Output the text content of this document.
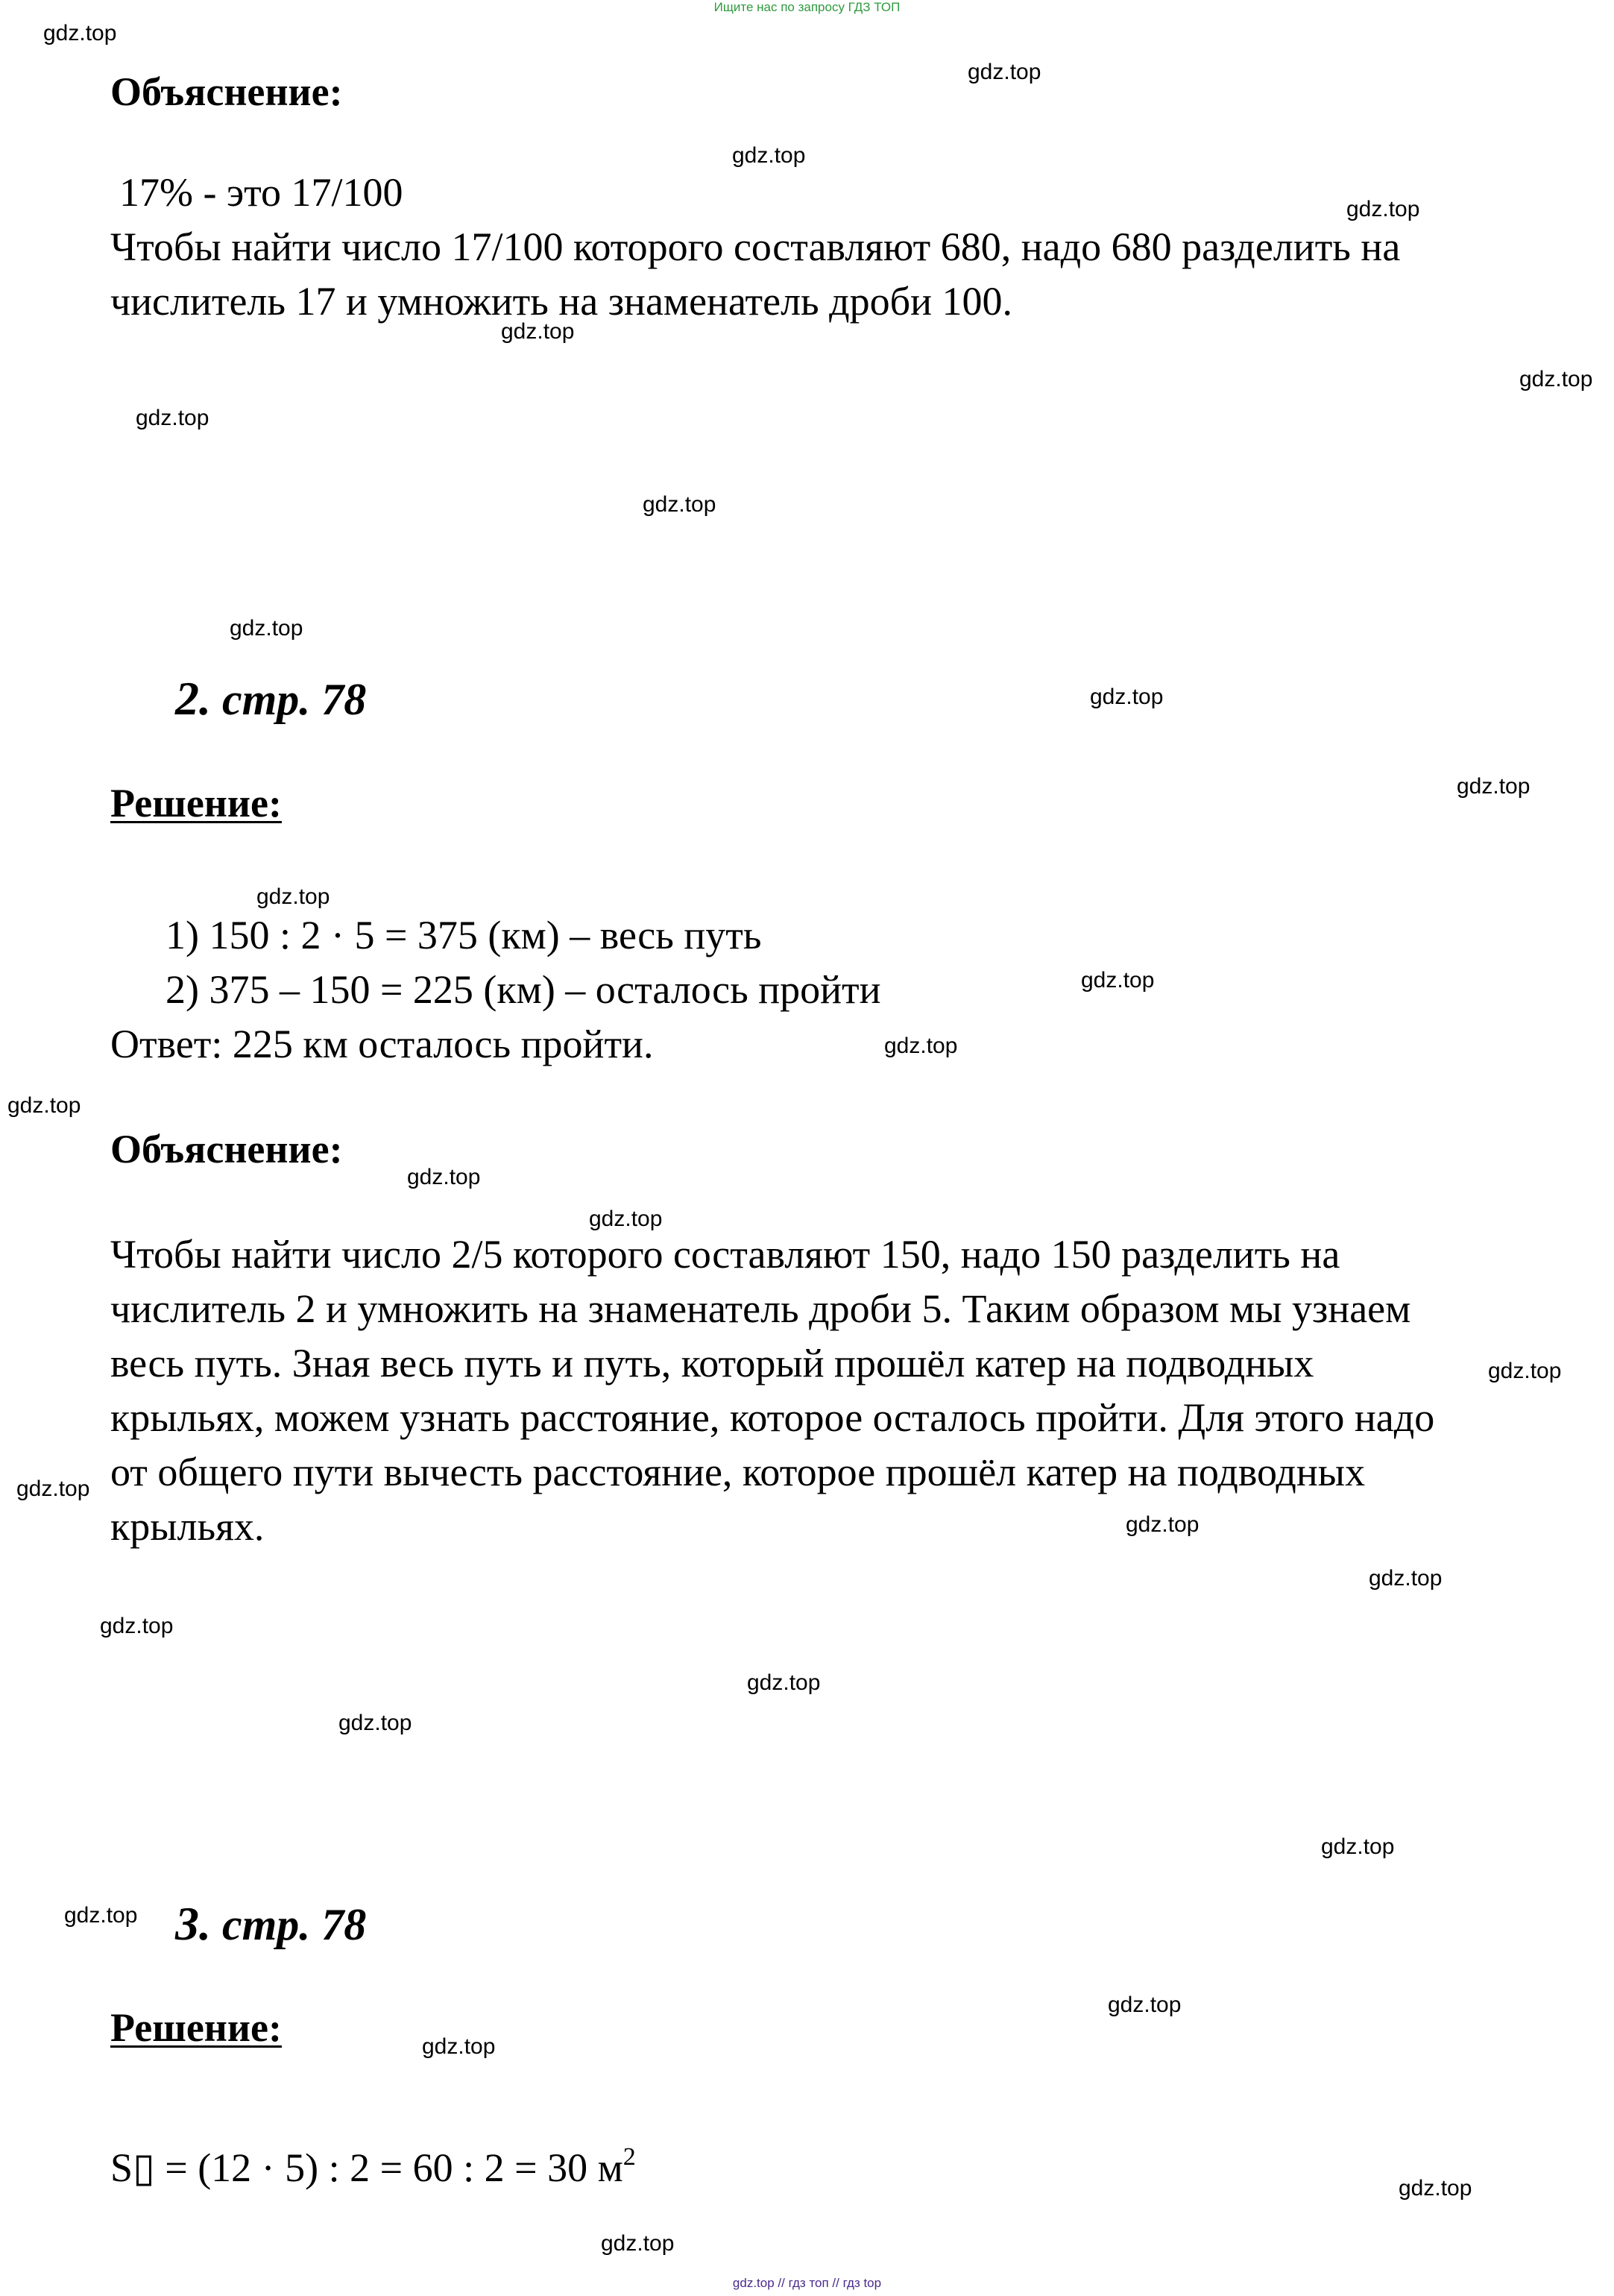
Ищите нас по запросу ГДЗ ТОП
Объяснение:
17% - это 17/100
Чтобы найти число 17/100 которого составляют 680, надо 680 разделить на
числитель 17 и умножить на знаменатель дроби 100.
2. стр. 78
Решение:
1) 150 : 2 · 5 = 375 (км) – весь путь
2) 375 – 150 = 225 (км) – осталось пройти
Ответ: 225 км осталось пройти.
Объяснение:
Чтобы найти число 2/5 которого составляют 150, надо 150 разделить на
числитель 2 и умножить на знаменатель дроби 5. Таким образом мы узнаем
весь путь. Зная весь путь и путь, который прошёл катер на подводных
крыльях, можем узнать расстояние, которое осталось пройти. Для этого надо
от общего пути вычесть расстояние, которое прошёл катер на подводных
крыльях.
3. стр. 78
Решение:
S▯ = (12 · 5) : 2 = 60 : 2 = 30 $м^2$
gdz.top
gdz.top
gdz.top
gdz.top
gdz.top
gdz.top
gdz.top
gdz.top
gdz.top
gdz.top
gdz.top
gdz.top
gdz.top
gdz.top
gdz.top
gdz.top
gdz.top
gdz.top
gdz.top
gdz.top
gdz.top
gdz.top
gdz.top
gdz.top
gdz.top
gdz.top
gdz.top
gdz.top
gdz.top
gdz.top
gdz.top // гдз топ // гдз top
